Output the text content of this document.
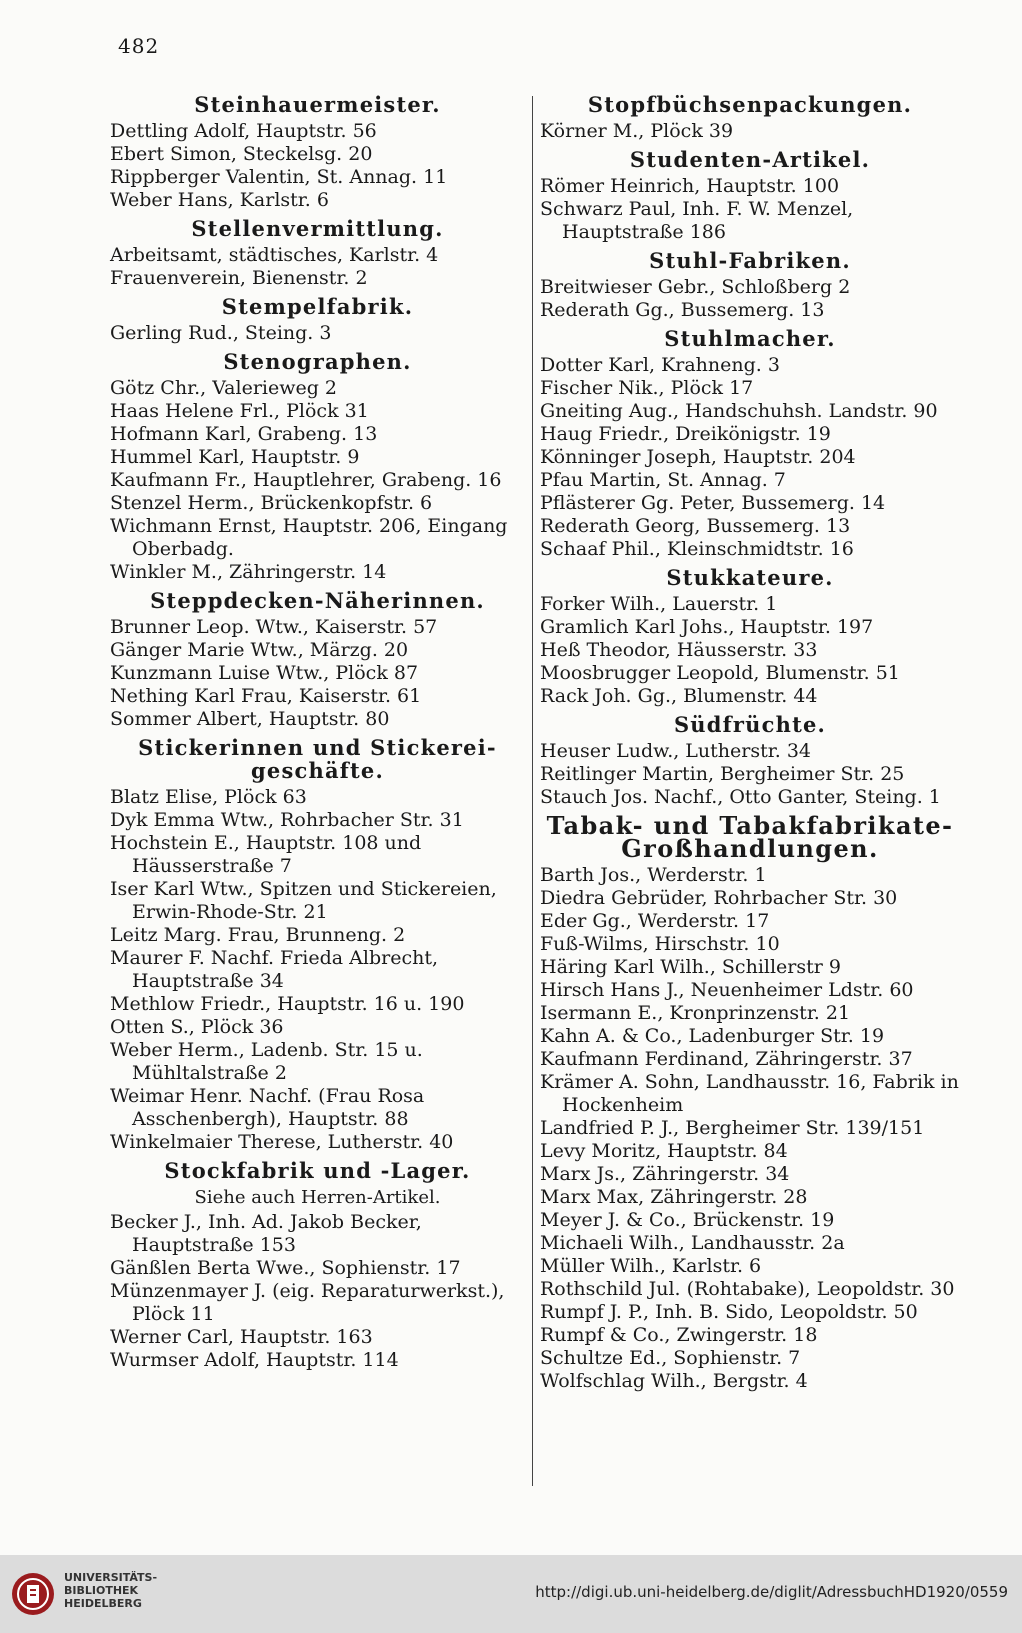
482
Steinhauermeister.
Dettling Adolf, Hauptstr. 56
Ebert Simon, Steckelsg. 20
Rippberger Valentin, St. Annag. 11
Weber Hans, Karlstr. 6
Stellenvermittlung.
Arbeitsamt, städtisches, Karlstr. 4
Frauenverein, Bienenstr. 2
Stempelfabrik.
Gerling Rud., Steing. 3
Stenographen.
Götz Chr., Valerieweg 2
Haas Helene Frl., Plöck 31
Hofmann Karl, Grabeng. 13
Hummel Karl, Hauptstr. 9
Kaufmann Fr., Hauptlehrer, Grabeng. 16
Stenzel Herm., Brückenkopfstr. 6
Wichmann Ernst, Hauptstr. 206, Eingang Oberbadg.
Winkler M., Zähringerstr. 14
Steppdecken-Näherinnen.
Brunner Leop. Wtw., Kaiserstr. 57
Gänger Marie Wtw., Märzg. 20
Kunzmann Luise Wtw., Plöck 87
Nething Karl Frau, Kaiserstr. 61
Sommer Albert, Hauptstr. 80
Stickerinnen und Stickerei-geschäfte.
Blatz Elise, Plöck 63
Dyk Emma Wtw., Rohrbacher Str. 31
Hochstein E., Hauptstr. 108 und Häusserstraße 7
Iser Karl Wtw., Spitzen und Stickereien, Erwin-Rhode-Str. 21
Leitz Marg. Frau, Brunneng. 2
Maurer F. Nachf. Frieda Albrecht, Hauptstraße 34
Methlow Friedr., Hauptstr. 16 u. 190
Otten S., Plöck 36
Weber Herm., Ladenb. Str. 15 u. Mühltalstraße 2
Weimar Henr. Nachf. (Frau Rosa Asschenbergh), Hauptstr. 88
Winkelmaier Therese, Lutherstr. 40
Stockfabrik und -Lager.
Siehe auch Herren-Artikel.
Becker J., Inh. Ad. Jakob Becker, Hauptstraße 153
Gänßlen Berta Wwe., Sophienstr. 17
Münzenmayer J. (eig. Reparaturwerkst.), Plöck 11
Werner Carl, Hauptstr. 163
Wurmser Adolf, Hauptstr. 114
Stopfbüchsenpackungen.
Körner M., Plöck 39
Studenten-Artikel.
Römer Heinrich, Hauptstr. 100
Schwarz Paul, Inh. F. W. Menzel, Hauptstraße 186
Stuhl-Fabriken.
Breitwieser Gebr., Schloßberg 2
Rederath Gg., Bussemerg. 13
Stuhlmacher.
Dotter Karl, Krahneng. 3
Fischer Nik., Plöck 17
Gneiting Aug., Handschuhsh. Landstr. 90
Haug Friedr., Dreikönigstr. 19
Könninger Joseph, Hauptstr. 204
Pfau Martin, St. Annag. 7
Pflästerer Gg. Peter, Bussemerg. 14
Rederath Georg, Bussemerg. 13
Schaaf Phil., Kleinschmidtstr. 16
Stukkateure.
Forker Wilh., Lauerstr. 1
Gramlich Karl Johs., Hauptstr. 197
Heß Theodor, Häusserstr. 33
Moosbrugger Leopold, Blumenstr. 51
Rack Joh. Gg., Blumenstr. 44
Südfrüchte.
Heuser Ludw., Lutherstr. 34
Reitlinger Martin, Bergheimer Str. 25
Stauch Jos. Nachf., Otto Ganter, Steing. 1
Tabak- und Tabakfabrikate-Großhandlungen.
Barth Jos., Werderstr. 1
Diedra Gebrüder, Rohrbacher Str. 30
Eder Gg., Werderstr. 17
Fuß-Wilms, Hirschstr. 10
Häring Karl Wilh., Schillerstr 9
Hirsch Hans J., Neuenheimer Ldstr. 60
Isermann E., Kronprinzenstr. 21
Kahn A. & Co., Ladenburger Str. 19
Kaufmann Ferdinand, Zähringerstr. 37
Krämer A. Sohn, Landhausstr. 16, Fabrik in Hockenheim
Landfried P. J., Bergheimer Str. 139/151
Levy Moritz, Hauptstr. 84
Marx Js., Zähringerstr. 34
Marx Max, Zähringerstr. 28
Meyer J. & Co., Brückenstr. 19
Michaeli Wilh., Landhausstr. 2a
Müller Wilh., Karlstr. 6
Rothschild Jul. (Rohtabake), Leopoldstr. 30
Rumpf J. P., Inh. B. Sido, Leopoldstr. 50
Rumpf & Co., Zwingerstr. 18
Schultze Ed., Sophienstr. 7
Wolfschlag Wilh., Bergstr. 4
UNIVERSITÄTS-
BIBLIOTHEK
HEIDELBERG
http://digi.ub.uni-heidelberg.de/diglit/AdressbuchHD1920/0559
